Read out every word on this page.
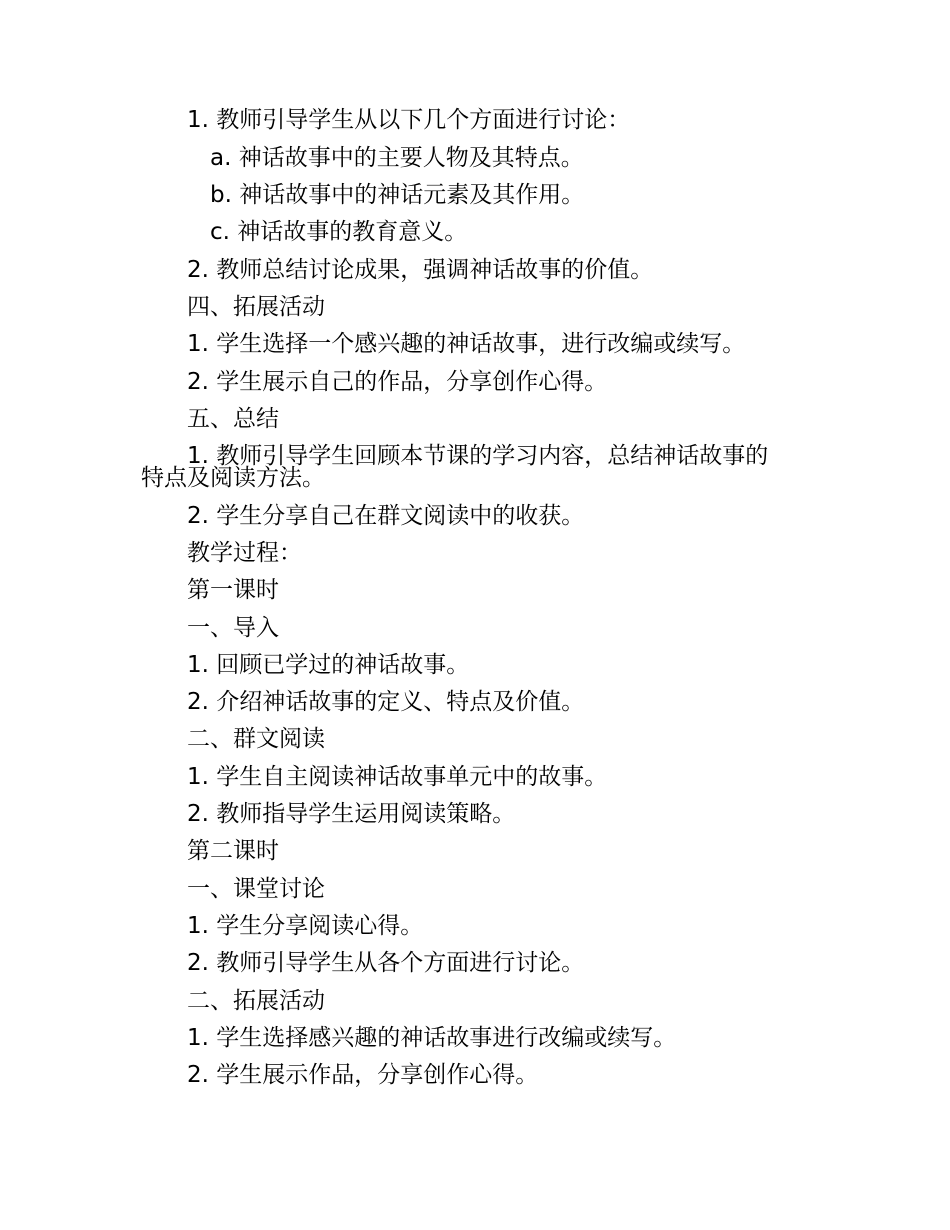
1. 教师引导学生从以下几个方面进行讨论：
a. 神话故事中的主要人物及其特点。
b. 神话故事中的神话元素及其作用。
c. 神话故事的教育意义。
2. 教师总结讨论成果，强调神话故事的价值。
四、拓展活动
1. 学生选择一个感兴趣的神话故事，进行改编或续写。
2. 学生展示自己的作品，分享创作心得。
五、总结
1. 教师引导学生回顾本节课的学习内容，总结神话故事的
特点及阅读方法。
2. 学生分享自己在群文阅读中的收获。
教学过程：
第一课时
一、导入
1. 回顾已学过的神话故事。
2. 介绍神话故事的定义、特点及价值。
二、群文阅读
1. 学生自主阅读神话故事单元中的故事。
2. 教师指导学生运用阅读策略。
第二课时
一、课堂讨论
1. 学生分享阅读心得。
2. 教师引导学生从各个方面进行讨论。
二、拓展活动
1. 学生选择感兴趣的神话故事进行改编或续写。
2. 学生展示作品，分享创作心得。
